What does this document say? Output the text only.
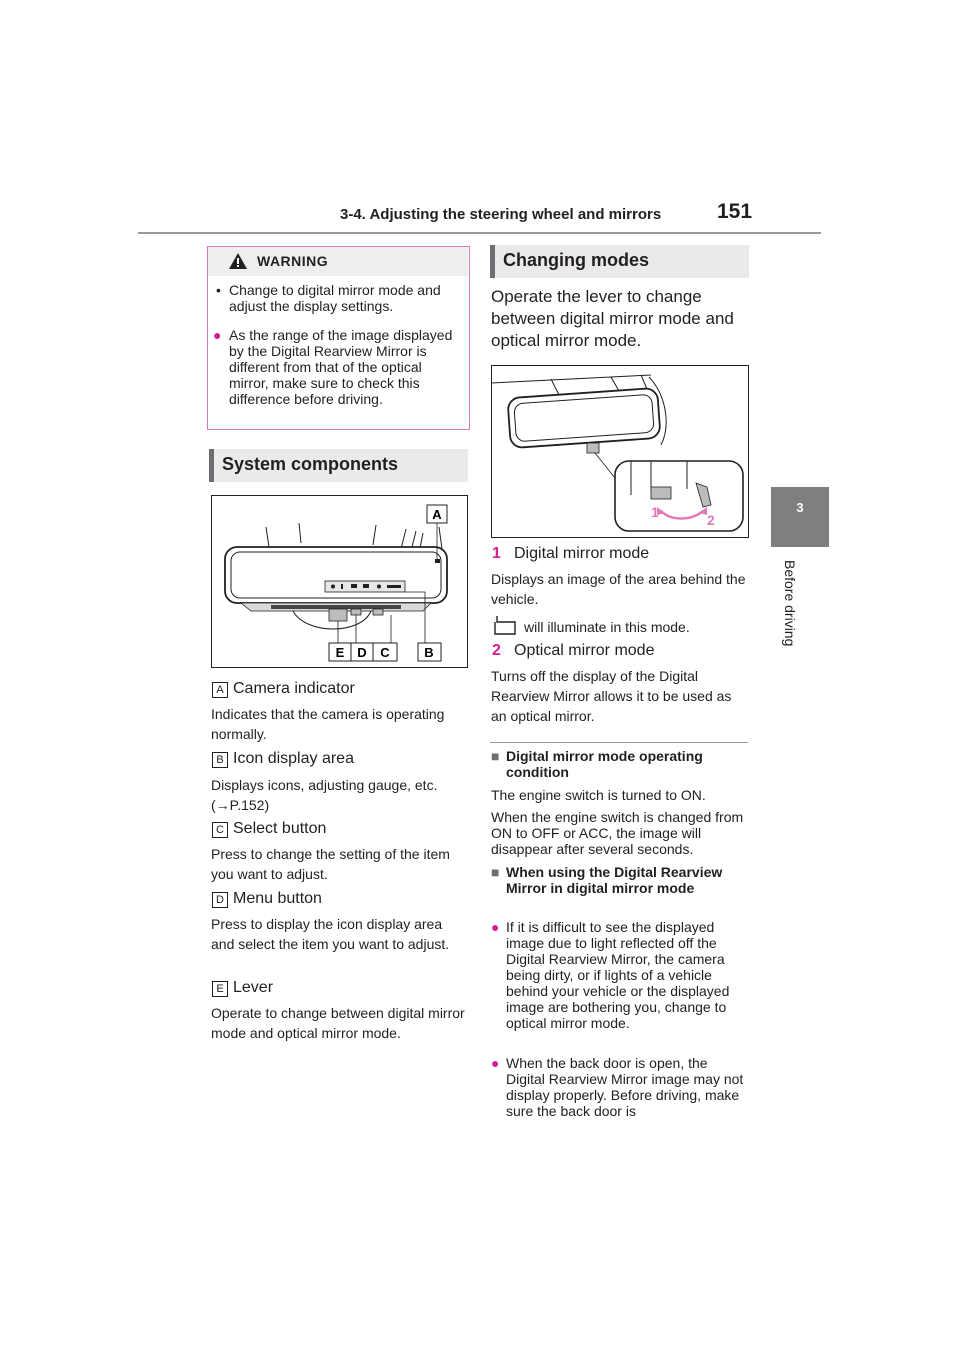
3-4. Adjusting the steering wheel and mirrors	151
3
Before driving
WARNING
• Change to digital mirror mode and adjust the display settings.
● As the range of the image displayed by the Digital Rearview Mirror is different from that of the optical mirror, make sure to check this difference before driving.
System components
A
E D C	B
A Camera indicator
Indicates that the camera is operating normally.
B Icon display area
Displays icons, adjusting gauge, etc. (→P.152)
C Select button
Press to change the setting of the item you want to adjust.
D Menu button
Press to display the icon display area and select the item you want to adjust.
E Lever
Operate to change between digital mirror mode and optical mirror mode.
Changing modes
Operate the lever to change between digital mirror mode and optical mirror mode.
1	2
1 Digital mirror mode
Displays an image of the area behind the vehicle.
will illuminate in this mode.
2 Optical mirror mode
Turns off the display of the Digital Rearview Mirror allows it to be used as an optical mirror.
■ Digital mirror mode operating condition
The engine switch is turned to ON.
When the engine switch is changed from ON to OFF or ACC, the image will disappear after several seconds.
■ When using the Digital Rearview Mirror in digital mirror mode
● If it is difficult to see the displayed image due to light reflected off the Digital Rearview Mirror, the camera being dirty, or if lights of a vehicle behind your vehicle or the displayed image are bothering you, change to optical mirror mode.
● When the back door is open, the Digital Rearview Mirror image may not display properly. Before driving, make sure the back door is
